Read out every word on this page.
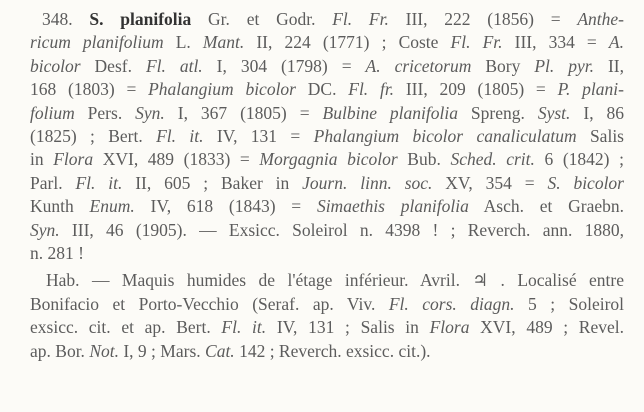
348. S. planifolia Gr. et Godr. Fl. Fr. III, 222 (1856) = Anthe-
ricum planifolium L. Mant. II, 224 (1771) ; Coste Fl. Fr. III, 334 = A.
bicolor Desf. Fl. atl. I, 304 (1798) = A. cricetorum Bory Pl. pyr. II,
168 (1803) = Phalangium bicolor DC. Fl. fr. III, 209 (1805) = P. plani-
folium Pers. Syn. I, 367 (1805) = Bulbine planifolia Spreng. Syst. I, 86
(1825) ; Bert. Fl. it. IV, 131 = Phalangium bicolor canaliculatum Salis
in Flora XVI, 489 (1833) = Morgagnia bicolor Bub. Sched. crit. 6 (1842) ;
Parl. Fl. it. II, 605 ; Baker in Journ. linn. soc. XV, 354 = S. bicolor
Kunth Enum. IV, 618 (1843) = Simaethis planifolia Asch. et Graebn.
Syn. III, 46 (1905). — Exsicc. Soleirol n. 4398 ! ; Reverch. ann. 1880,
n. 281 !
Hab. — Maquis humides de l'étage inférieur. Avril. ♃ . Localisé entre
Bonifacio et Porto-Vecchio (Seraf. ap. Viv. Fl. cors. diagn. 5 ; Soleirol
exsicc. cit. et ap. Bert. Fl. it. IV, 131 ; Salis in Flora XVI, 489 ; Revel.
ap. Bor. Not. I, 9 ; Mars. Cat. 142 ; Reverch. exsicc. cit.).
